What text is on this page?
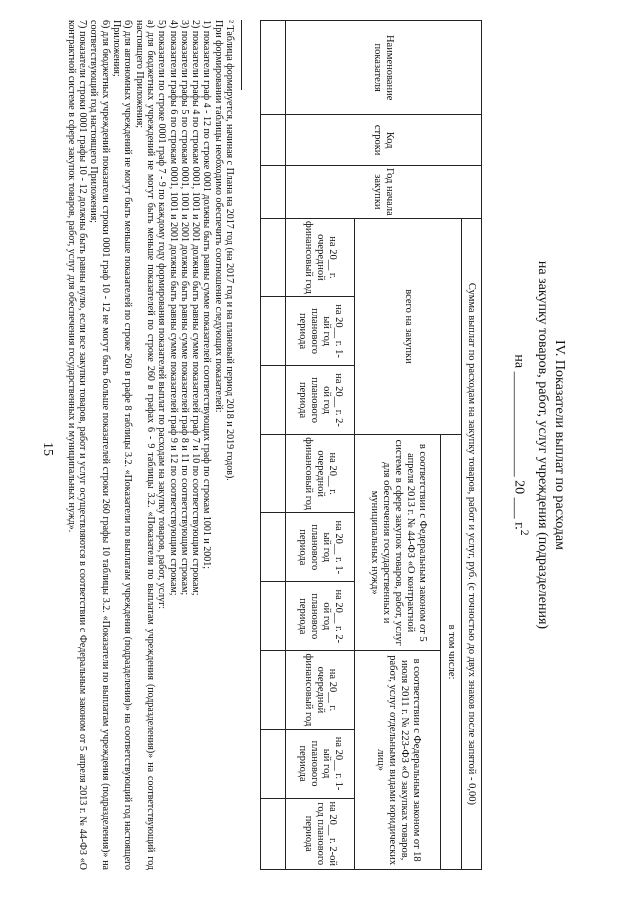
15	IV. Показатели выплат по расходам
на закупку товаров, работ, услуг учреждения (подразделения)
на _______________ 20 ___ г.$^2$
Наименование показателя	Код строки	Год начала закупки	Сумма выплат по расходам на закупку товаров, работ и услуг, руб. (с точностью до двух знаков после запятой - 0,00)								
			всего на закупки			в том числе:					
						в соответствии с Федеральным законом от 5 апреля 2013 г. № 44-ФЗ «О контрактной системе в сфере закупок товаров, работ, услуг для обеспечения государственных и муниципальных нужд»			в соответствии с Федеральным законом от 18 июля 2011 г. № 223-ФЗ «О закупках товаров, работ, услуг отдельными видами юридических лиц»		
			на 20__ г. очередной финансовый год	на 20__ г. 1-ый год планового периода	на 20__ г. 2-ой год планового периода	на 20__ г. очередной финансовый год	на 20__ г. 1-ый год планового периода	на 20__ г. 2-ой год планового периода	на 20__ г. очередной финансовый год	на 20__ г. 1-ый год планового периода	на 20__ г. 2-ой год планового периода

² Таблица формируется, начиная с Плана на 2017 год (на 2017 год и на плановый период 2018 и 2019 годов).

При формировании таблицы необходимо обеспечить соотношение следующих показателей:

1) показатели граф 4 - 12 по строке 0001 должны быть равны сумме показателей соответствующих граф по строкам 1001 и 2001;

2) показатели графы 4 по строкам 0001, 1001 и 2001 должны быть равны сумме показателей граф 7 и 10 по соответствующим строкам;

3) показатели графы 5 по строкам 0001, 1001 и 2001 должны быть равны сумме показателей граф 8 и 11 по соответствующим строкам;

4) показатели графы 6 по строкам 0001, 1001 и 2001 должны быть равны сумме показателей граф 9 и 12 по соответствующим строкам;

5) показатели по строке 0001 граф 7 - 9 по каждому году формирования показателей выплат по расходам на закупку товаров, работ, услуг:

а) для бюджетных учреждений не могут быть меньше показателей по строке 260 в графах 6 - 9 таблицы 3.2. «Показатели по выплатам учреждения (подразделения)» на соответствующий год настоящего Приложения;

б) для автономных учреждений не могут быть меньше показателей по строке 260 в графе 8 таблицы 3.2. «Показатели по выплатам учреждения (подразделения)» на соответствующий год настоящего Приложения;

6) для бюджетных учреждений показатели строки 0001 граф 10 - 12 не могут быть больше показателей строки 260 графы 10 таблицы 3.2. «Показатели по выплатам учреждения (подразделения)» на соответствующий год настоящего Приложения;

7) показатели строки 0001 графы 10 - 12 должны быть равны нулю, если все закупки товаров, работ и услуг осуществляются в соответствии с Федеральным законом от 5 апреля 2013 г. № 44-ФЗ «О контрактной системе в сфере закупок товаров, работ, услуг для обеспечения государственных и муниципальных нужд».
